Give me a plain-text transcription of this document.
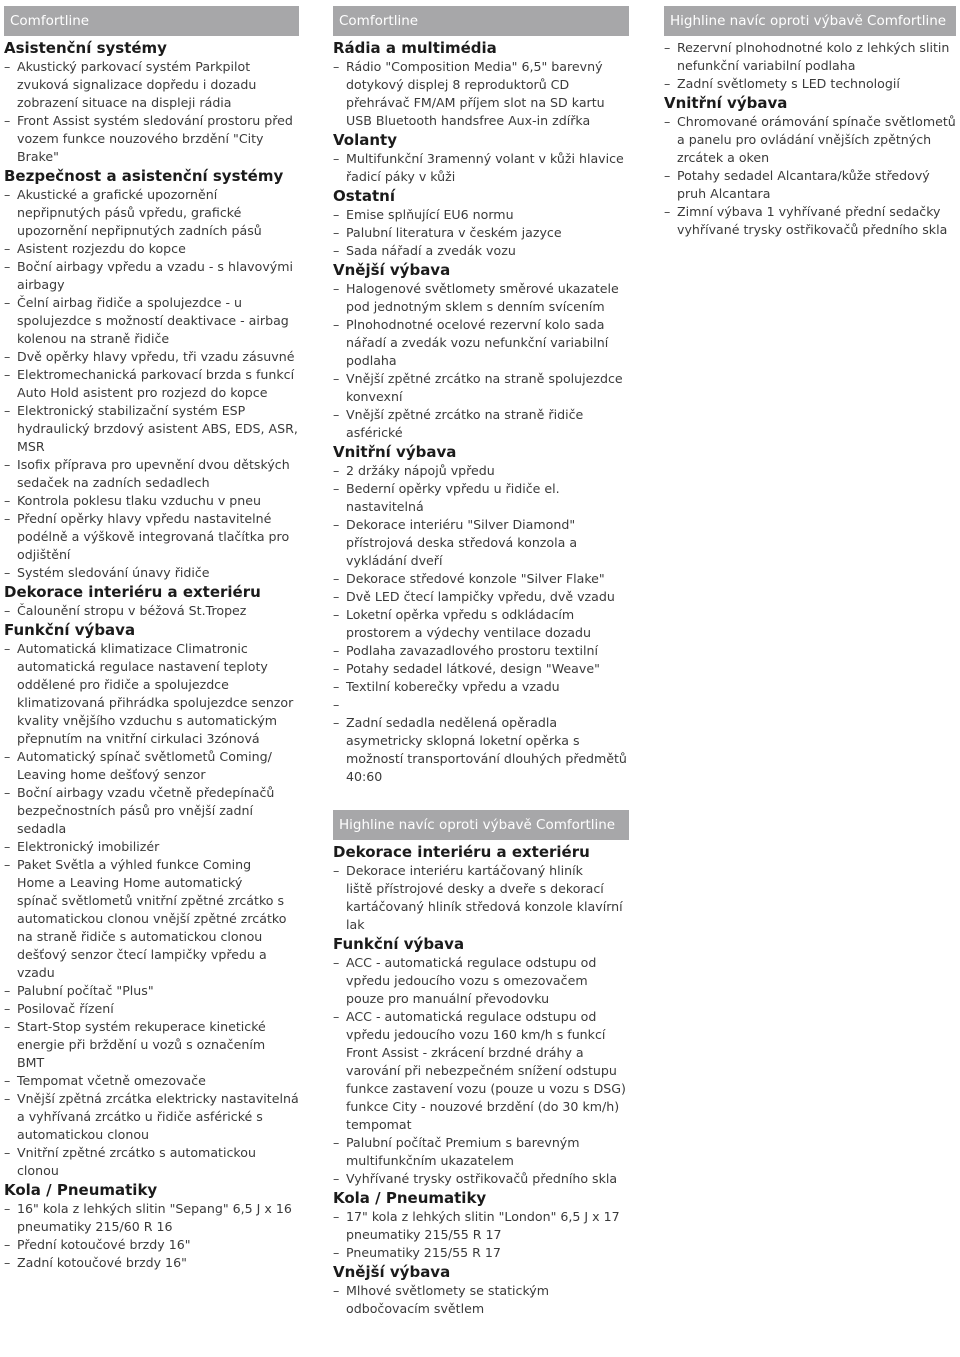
Comfortline
Asistenční systémy
– Akustický parkovací systém Parkpilot
zvuková signalizace dopředu i dozadu
zobrazení situace na displeji rádia
– Front Assist systém sledování prostoru před
vozem funkce nouzového brzdění "City
Brake"
Bezpečnost a asistenční systémy
– Akustické a grafické upozornění
nepřipnutých pásů vpředu, grafické
upozornění nepřipnutých zadních pásů
– Asistent rozjezdu do kopce
– Boční airbagy vpředu a vzadu - s hlavovými
airbagy
– Čelní airbag řidiče a spolujezdce - u
spolujezdce s možností deaktivace - airbag
kolenou na straně řidiče
– Dvě opěrky hlavy vpředu, tři vzadu zásuvné
– Elektromechanická parkovací brzda s funkcí
Auto Hold asistent pro rozjezd do kopce
– Elektronický stabilizační systém ESP
hydraulický brzdový asistent ABS, EDS, ASR,
MSR
– Isofix příprava pro upevnění dvou dětských
sedaček na zadních sedadlech
– Kontrola poklesu tlaku vzduchu v pneu
– Přední opěrky hlavy vpředu nastavitelné
podélně a výškově integrovaná tlačítka pro
odjištění
– Systém sledování únavy řidiče
Dekorace interiéru a exteriéru
– Čalounění stropu v béžová St.Tropez
Funkční výbava
– Automatická klimatizace Climatronic
automatická regulace nastavení teploty
oddělené pro řidiče a spolujezdce
klimatizovaná přihrádka spolujezdce senzor
kvality vnějšího vzduchu s automatickým
přepnutím na vnitřní cirkulaci 3zónová
– Automatický spínač světlometů Coming/
Leaving home dešťový senzor
– Boční airbagy vzadu včetně předepínačů
bezpečnostních pásů pro vnější zadní
sedadla
– Elektronický imobilizér
– Paket Světla a výhled funkce Coming
Home a Leaving Home automatický
spínač světlometů vnitřní zpětné zrcátko s
automatickou clonou vnější zpětné zrcátko
na straně řidiče s automatickou clonou
dešťový senzor čtecí lampičky vpředu a
vzadu
– Palubní počítač "Plus"
– Posilovač řízení
– Start-Stop systém rekuperace kinetické
energie při brždění u vozů s označením
BMT
– Tempomat včetně omezovače
– Vnější zpětná zrcátka elektricky nastavitelná
a vyhřívaná zrcátko u řidiče asférické s
automatickou clonou
– Vnitřní zpětné zrcátko s automatickou
clonou
Kola / Pneumatiky
– 16" kola z lehkých slitin "Sepang" 6,5 J x 16
pneumatiky 215/60 R 16
– Přední kotoučové brzdy 16"
– Zadní kotoučové brzdy 16"
Comfortline
Rádia a multimédia
– Rádio "Composition Media" 6,5" barevný
dotykový displej 8 reproduktorů CD
přehrávač FM/AM příjem slot na SD kartu
USB Bluetooth handsfree Aux-in zdířka
Volanty
– Multifunkční 3ramenný volant v kůži hlavice
řadicí páky v kůži
Ostatní
– Emise splňující EU6 normu
– Palubní literatura v českém jazyce
– Sada nářadí a zvedák vozu
Vnější výbava
– Halogenové světlomety směrové ukazatele
pod jednotným sklem s denním svícením
– Plnohodnotné ocelové rezervní kolo sada
nářadí a zvedák vozu nefunkční variabilní
podlaha
– Vnější zpětné zrcátko na straně spolujezdce
konvexní
– Vnější zpětné zrcátko na straně řidiče
asférické
Vnitřní výbava
– 2 držáky nápojů vpředu
– Bederní opěrky vpředu u řidiče el.
nastavitelná
– Dekorace interiéru "Silver Diamond"
přístrojová deska středová konzola a
vykládání dveří
– Dekorace středové konzole "Silver Flake"
– Dvě LED čtecí lampičky vpředu, dvě vzadu
– Loketní opěrka vpředu s odkládacím
prostorem a výdechy ventilace dozadu
– Podlaha zavazadlového prostoru textilní
– Potahy sedadel látkové, design "Weave"
– Textilní koberečky vpředu a vzadu
–
– Zadní sedadla nedělená opěradla
asymetricky sklopná loketní opěrka s
možností transportování dlouhých předmětů
40:60
Highline navíc oproti výbavě Comfortline
Dekorace interiéru a exteriéru
– Dekorace interiéru kartáčovaný hliník
liště přístrojové desky a dveře s dekorací
kartáčovaný hliník středová konzole klavírní
lak
Funkční výbava
– ACC - automatická regulace odstupu od
vpředu jedoucího vozu s omezovačem
pouze pro manuální převodovku
– ACC - automatická regulace odstupu od
vpředu jedoucího vozu 160 km/h s funkcí
Front Assist - zkrácení brzdné dráhy a
varování při nebezpečném snížení odstupu
funkce zastavení vozu (pouze u vozu s DSG)
funkce City - nouzové brzdění (do 30 km/h)
tempomat
– Palubní počítač Premium s barevným
multifunkčním ukazatelem
– Vyhřívané trysky ostřikovačů předního skla
Kola / Pneumatiky
– 17" kola z lehkých slitin "London" 6,5 J x 17
pneumatiky 215/55 R 17
– Pneumatiky 215/55 R 17
Vnější výbava
– Mlhové světlomety se statickým
odbočovacím světlem
Highline navíc oproti výbavě Comfortline
– Rezervní plnohodnotné kolo z lehkých slitin
nefunkční variabilní podlaha
– Zadní světlomety s LED technologií
Vnitřní výbava
– Chromované orámování spínače světlometů
a panelu pro ovládání vnějších zpětných
zrcátek a oken
– Potahy sedadel Alcantara/kůže středový
pruh Alcantara
– Zimní výbava 1 vyhřívané přední sedačky
vyhřívané trysky ostřikovačů předního skla
